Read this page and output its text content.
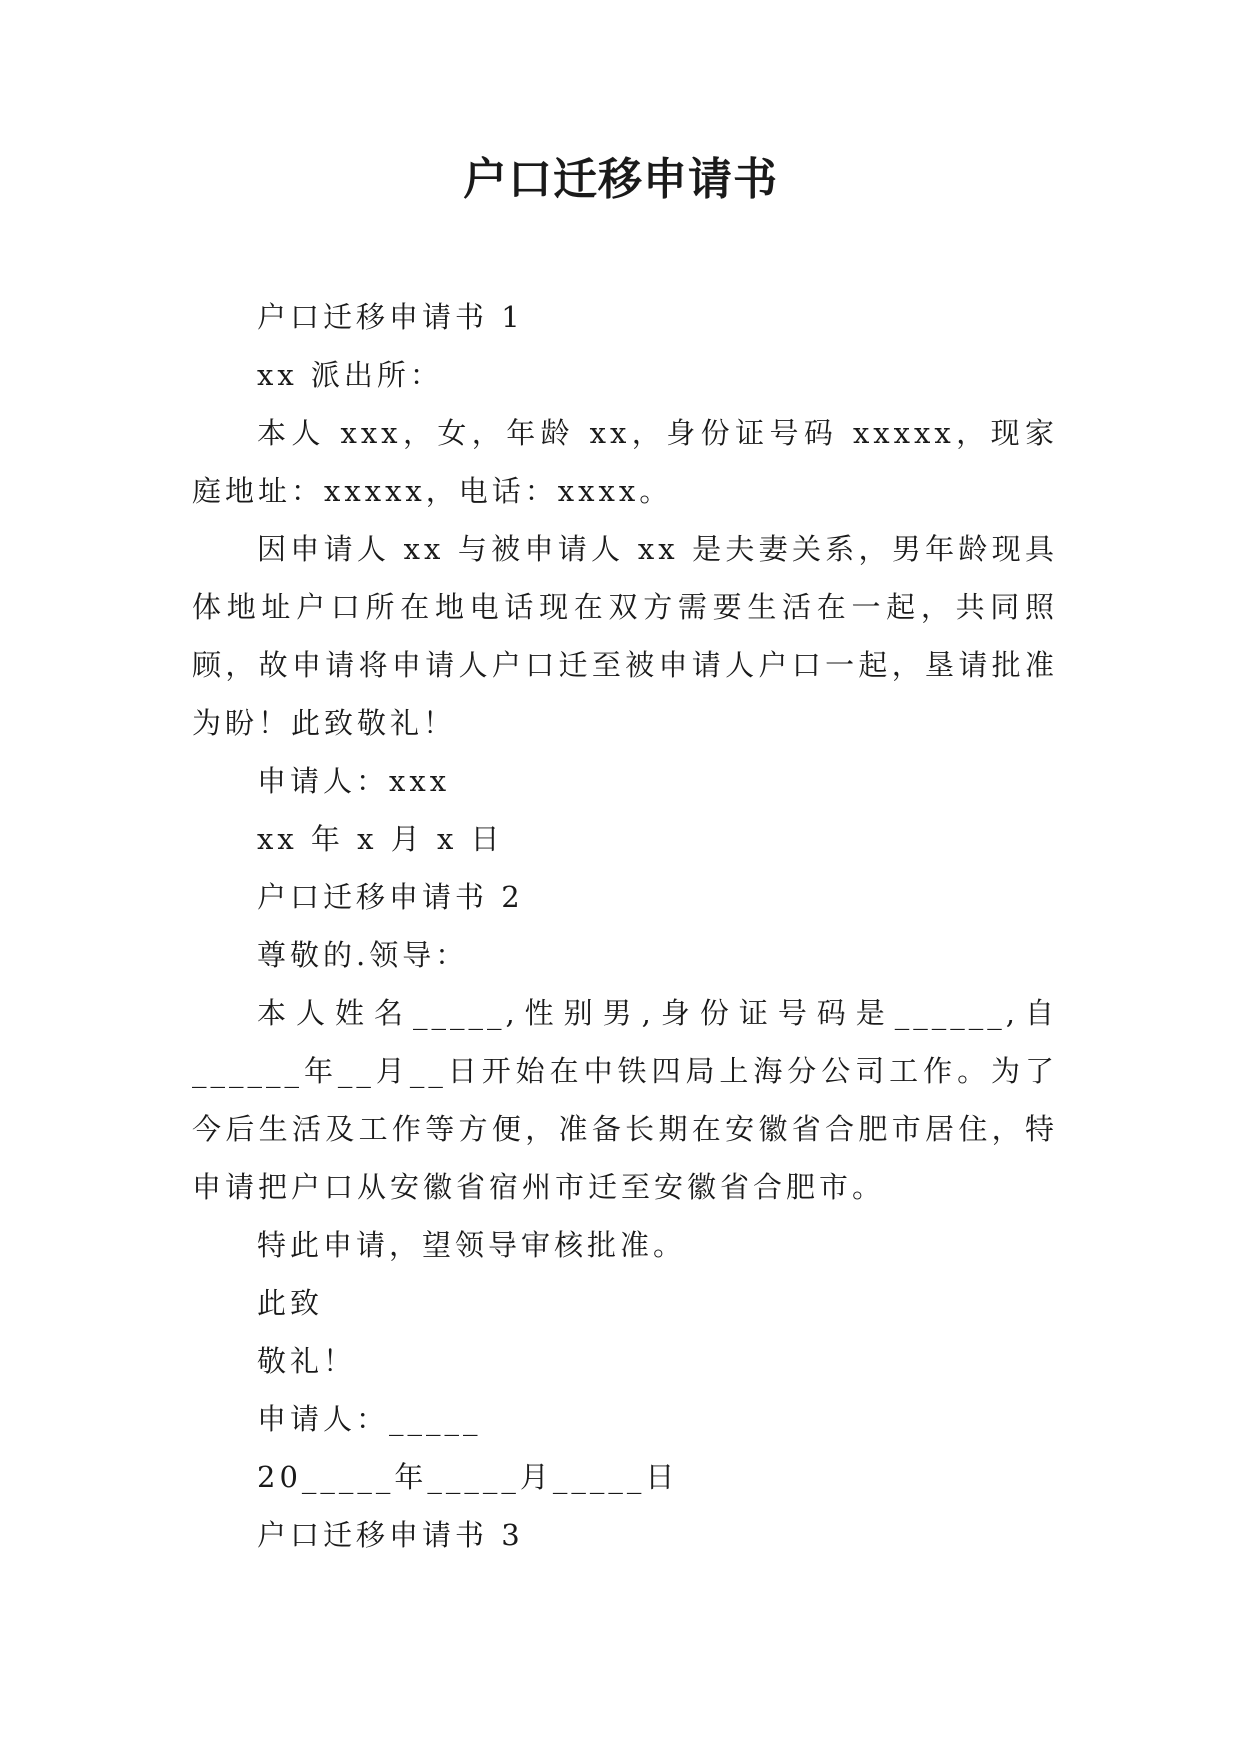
户口迁移申请书
户口迁移申请书 1
xx 派出所：

本人 xxx，女，年龄 xx，身份证号码 xxxxx，现家庭地址：xxxxx，电话：xxxx。

因申请人 xx 与被申请人 xx 是夫妻关系，男年龄现具体地址户口所在地电话现在双方需要生活在一起，共同照顾，故申请将申请人户口迁至被申请人户口一起，垦请批准为盼！此致敬礼！

申请人：xxx
xx 年 x 月 x 日
户口迁移申请书 2
尊敬的.领导：

本人姓名_____,性别男,身份证号码是______,自______年__月__日开始在中铁四局上海分公司工作。为了今后生活及工作等方便，准备长期在安徽省合肥市居住，特申请把户口从安徽省宿州市迁至安徽省合肥市。

特此申请，望领导审核批准。
此致
敬礼！
申请人：_____
20_____年_____月_____日
户口迁移申请书 3
